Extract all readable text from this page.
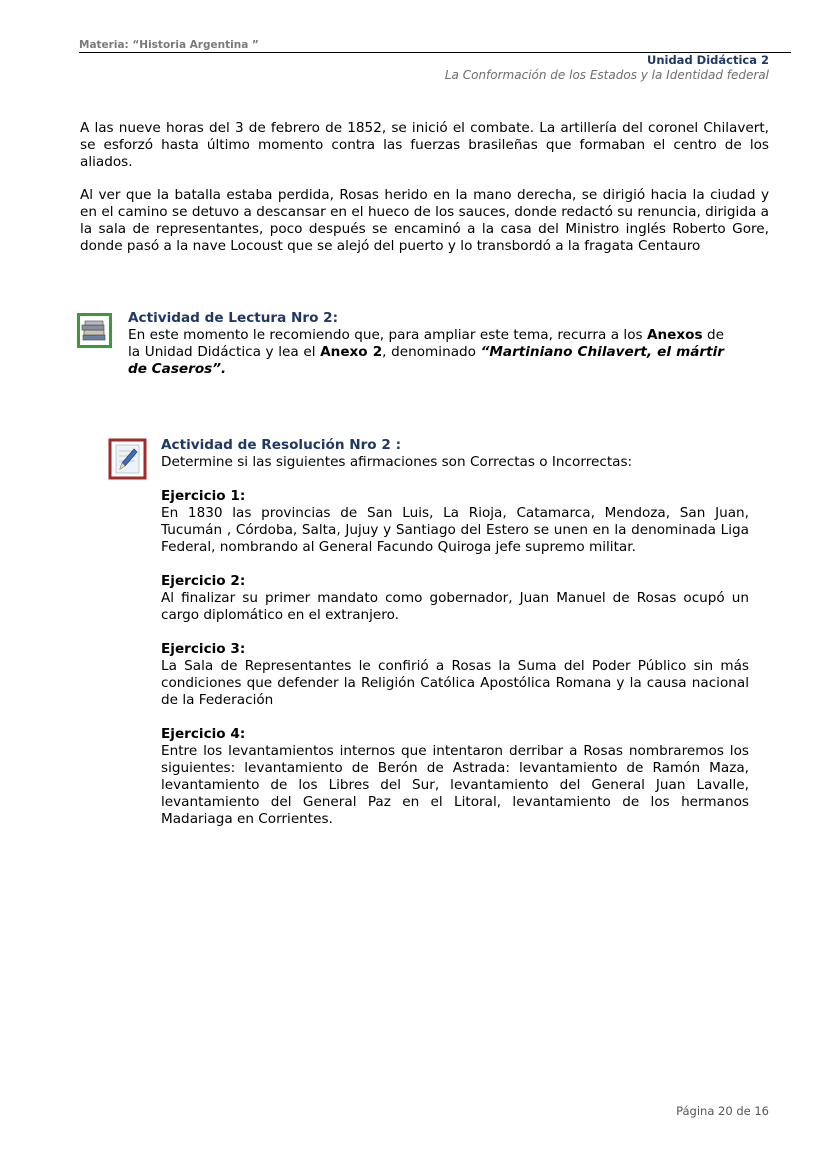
Materia: “Historia Argentina ”

Unidad Didáctica 2
La Conformación de los Estados y la Identidad federal

A las nueve horas del 3 de febrero de 1852, se inició el combate. La artillería del coronel Chilavert, se esforzó hasta último momento contra las fuerzas brasileñas que formaban el centro de los aliados.

Al ver que la batalla estaba perdida, Rosas herido en la mano derecha, se dirigió hacia la ciudad y en el camino se detuvo a descansar en el hueco de los sauces, donde redactó su renuncia, dirigida a la sala de representantes, poco después se encaminó a la casa del Ministro inglés Roberto Gore, donde pasó a la nave Locoust que se alejó del puerto y lo transbordó a la fragata Centauro

Actividad de Lectura Nro 2:

En este momento le recomiendo que, para ampliar este tema, recurra a los Anexos de la Unidad Didáctica y lea el Anexo 2, denominado “Martiniano Chilavert, el mártir de Caseros”.

Actividad de Resolución Nro 2 :

Determine si las siguientes afirmaciones son Correctas o Incorrectas:

Ejercicio 1:

En 1830 las provincias de San Luis, La Rioja, Catamarca, Mendoza, San Juan, Tucumán , Córdoba, Salta, Jujuy y Santiago del Estero se unen en la denominada Liga Federal, nombrando al General Facundo Quiroga jefe supremo militar.

Ejercicio 2:

Al finalizar su primer mandato como gobernador, Juan Manuel de Rosas ocupó un cargo diplomático en el extranjero.

Ejercicio 3:

La Sala de Representantes le confirió a Rosas la Suma del Poder Público sin más condiciones que defender la Religión Católica Apostólica Romana y la causa nacional de la Federación

Ejercicio 4:

Entre los levantamientos internos que intentaron derribar a Rosas nombraremos los siguientes: levantamiento de Berón de Astrada: levantamiento de Ramón Maza, levantamiento de los Libres del Sur, levantamiento del General Juan Lavalle, levantamiento del General Paz en el Litoral, levantamiento de los hermanos Madariaga en Corrientes.

Página 20 de 16
